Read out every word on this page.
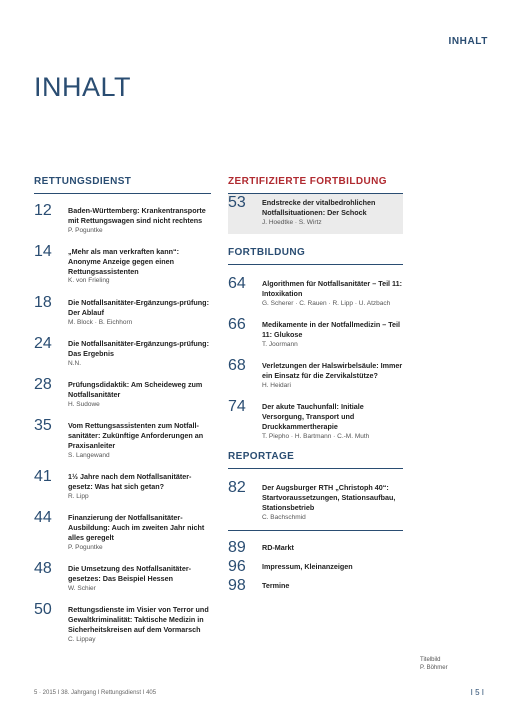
INHALT
INHALT
RETTUNGSDIENST
12 Baden-Württemberg: Krankentransporte mit Rettungswagen sind nicht rechtens
P. Poguntke
14 „Mehr als man verkraften kann“: Anonyme Anzeige gegen einen Rettungsassistenten
K. von Frieling
18 Die Notfallsanitäter-Ergänzungs-prüfung: Der Ablauf
M. Block · B. Eichhorn
24 Die Notfallsanitäter-Ergänzungs-prüfung: Das Ergebnis
N.N.
28 Prüfungsdidaktik: Am Scheideweg zum Notfallsanitäter
H. Sudowe
35 Vom Rettungsassistenten zum Notfall-sanitäter: Zukünftige Anforderungen an Praxisanleiter
S. Langewand
41 1½ Jahre nach dem Notfallsanitäter-gesetz: Was hat sich getan?
R. Lipp
44 Finanzierung der Notfallsanitäter-Ausbildung: Auch im zweiten Jahr nicht alles geregelt
P. Poguntke
48 Die Umsetzung des Notfallsanitäter-gesetzes: Das Beispiel Hessen
W. Schier
50 Rettungsdienste im Visier von Terror und Gewaltkriminalität: Taktische Medizin in Sicherheitskreisen auf dem Vormarsch
C. Lippay
ZERTIFIZIERTE FORTBILDUNG
53 Endstrecke der vitalbedrohlichen Notfallsituationen: Der Schock
J. Hoedtke · S. Wirtz
FORTBILDUNG
64 Algorithmen für Notfallsanitäter – Teil 11: Intoxikation
G. Scherer · C. Rauen · R. Lipp · U. Atzbach
66 Medikamente in der Notfallmedizin – Teil 11: Glukose
T. Joormann
68 Verletzungen der Halswirbelsäule: Immer ein Einsatz für die Zervikalstütze?
H. Heidari
74 Der akute Tauchunfall: Initiale Versorgung, Transport und Druckkammertherapie
T. Piepho · H. Bartmann · C.-M. Muth
REPORTAGE
82 Der Augsburger RTH „Christoph 40“: Startvoraussetzungen, Stationsaufbau, Stationsbetrieb
C. Bachschmid
89 RD-Markt
96 Impressum, Kleinanzeigen
98 Termine
Titelbild
P. Böhmer
5 · 2015 I 38. Jahrgang I Rettungsdienst I 405	I 5 I
